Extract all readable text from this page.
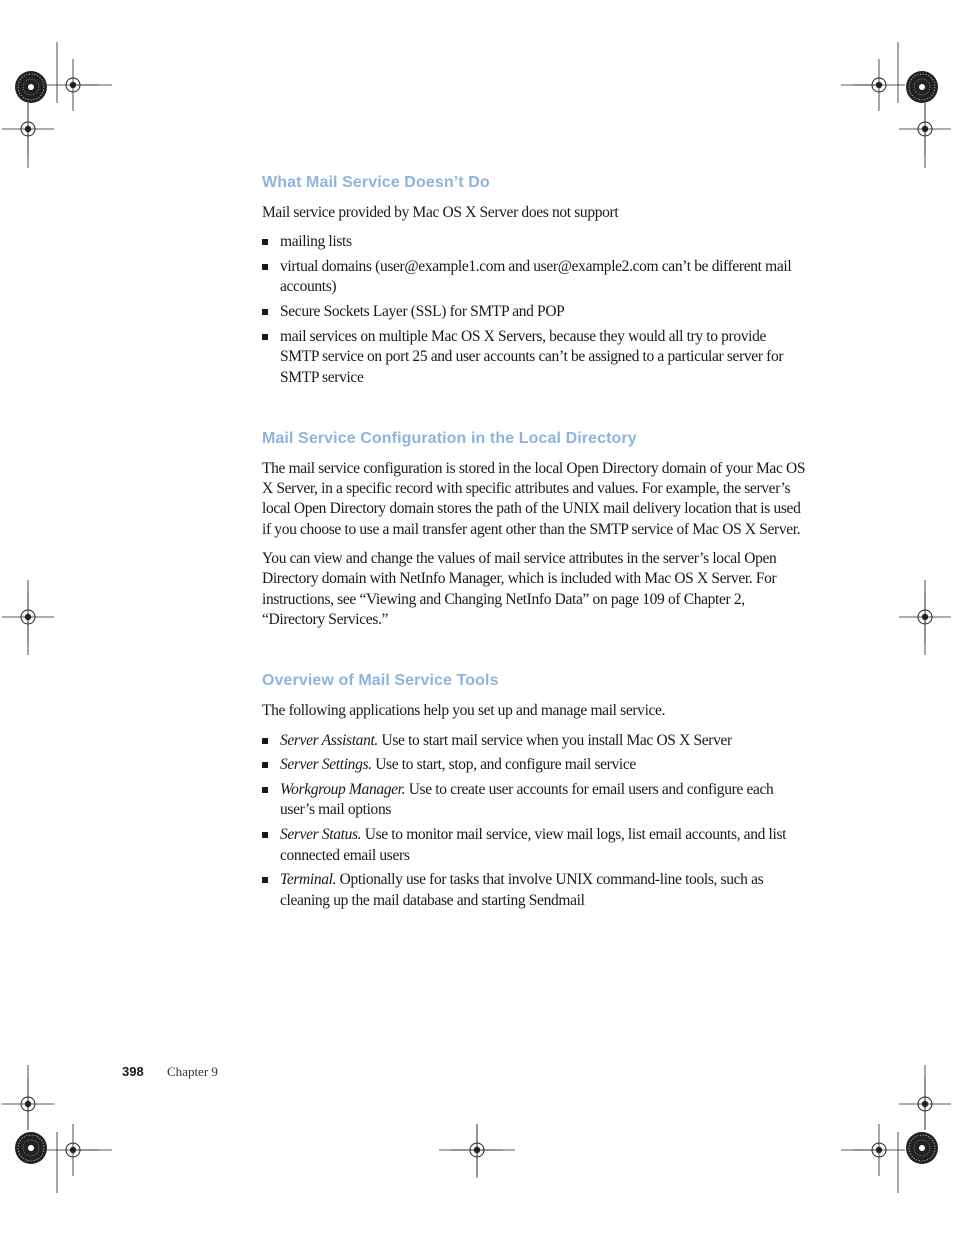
What Mail Service Doesn’t Do

Mail service provided by Mac OS X Server does not support

mailing lists
virtual domains (user@example1.com and user@example2.com can’t be different mail accounts)
Secure Sockets Layer (SSL) for SMTP and POP
mail services on multiple Mac OS X Servers, because they would all try to provide SMTP service on port 25 and user accounts can’t be assigned to a particular server for SMTP service
Mail Service Configuration in the Local Directory

The mail service configuration is stored in the local Open Directory domain of your Mac OS X Server, in a specific record with specific attributes and values. For example, the server’s local Open Directory domain stores the path of the UNIX mail delivery location that is used if you choose to use a mail transfer agent other than the SMTP service of Mac OS X Server.

You can view and change the values of mail service attributes in the server’s local Open Directory domain with NetInfo Manager, which is included with Mac OS X Server. For instructions, see “Viewing and Changing NetInfo Data” on page 109 of Chapter 2, “Directory Services.”

Overview of Mail Service Tools

The following applications help you set up and manage mail service.

Server Assistant. Use to start mail service when you install Mac OS X Server
Server Settings. Use to start, stop, and configure mail service
Workgroup Manager. Use to create user accounts for email users and configure each user’s mail options
Server Status. Use to monitor mail service, view mail logs, list email accounts, and list connected email users
Terminal. Optionally use for tasks that involve UNIX command-line tools, such as cleaning up the mail database and starting Sendmail
398 Chapter 9
